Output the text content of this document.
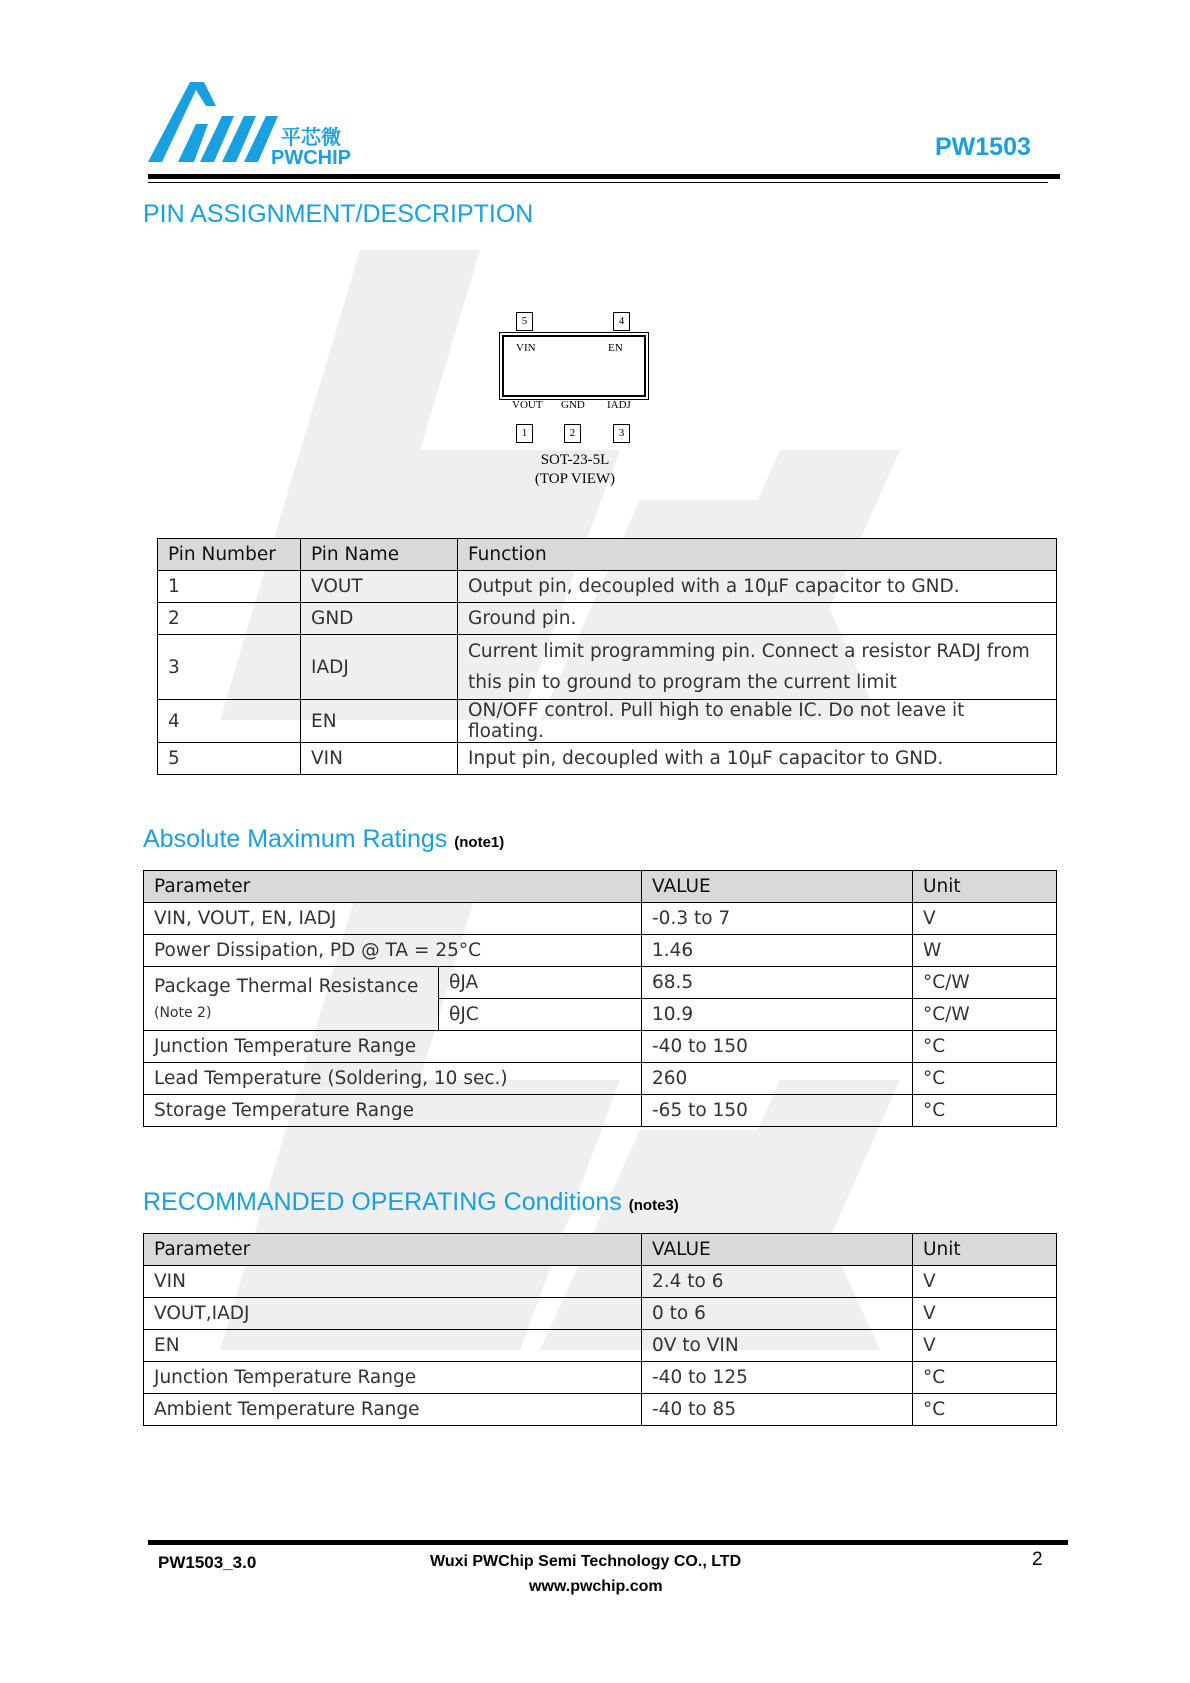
平芯微
PWCHIP	PW1503
PIN ASSIGNMENT/DESCRIPTION
5	4
VIN	EN
VOUT GND IADJ
1	2	3
SOT-23-5L
(TOP VIEW)
Pin Number	Pin Name	Function
1	VOUT	Output pin, decoupled with a 10µF capacitor to GND.
2	GND	Ground pin.
3	IADJ	Current limit programming pin. Connect a resistor RADJ from this pin to ground to program the current limit
4	EN	ON/OFF control. Pull high to enable IC. Do not leave it floating.
5	VIN	Input pin, decoupled with a 10µF capacitor to GND.
Absolute Maximum Ratings (note1)
Parameter		VALUE	Unit
VIN, VOUT, EN, IADJ		-0.3 to 7	V
Power Dissipation, PD @ TA = 25°C		1.46	W

Package Thermal Resistance
(Note 2)	θJA	68.5	°C/W
	θJC	10.9	°C/W
Junction Temperature Range		-40 to 150	°C
Lead Temperature (Soldering, 10 sec.)		260	°C
Storage Temperature Range		-65 to 150	°C
RECOMMANDED OPERATING Conditions (note3)
Parameter	VALUE	Unit
VIN	2.4 to 6	V
VOUT,IADJ	0 to 6	V
EN	0V to VIN	V
Junction Temperature Range	-40 to 125	°C
Ambient Temperature Range	-40 to 85	°C
PW1503_3.0	Wuxi PWChip Semi Technology CO., LTD
www.pwchip.com
2
